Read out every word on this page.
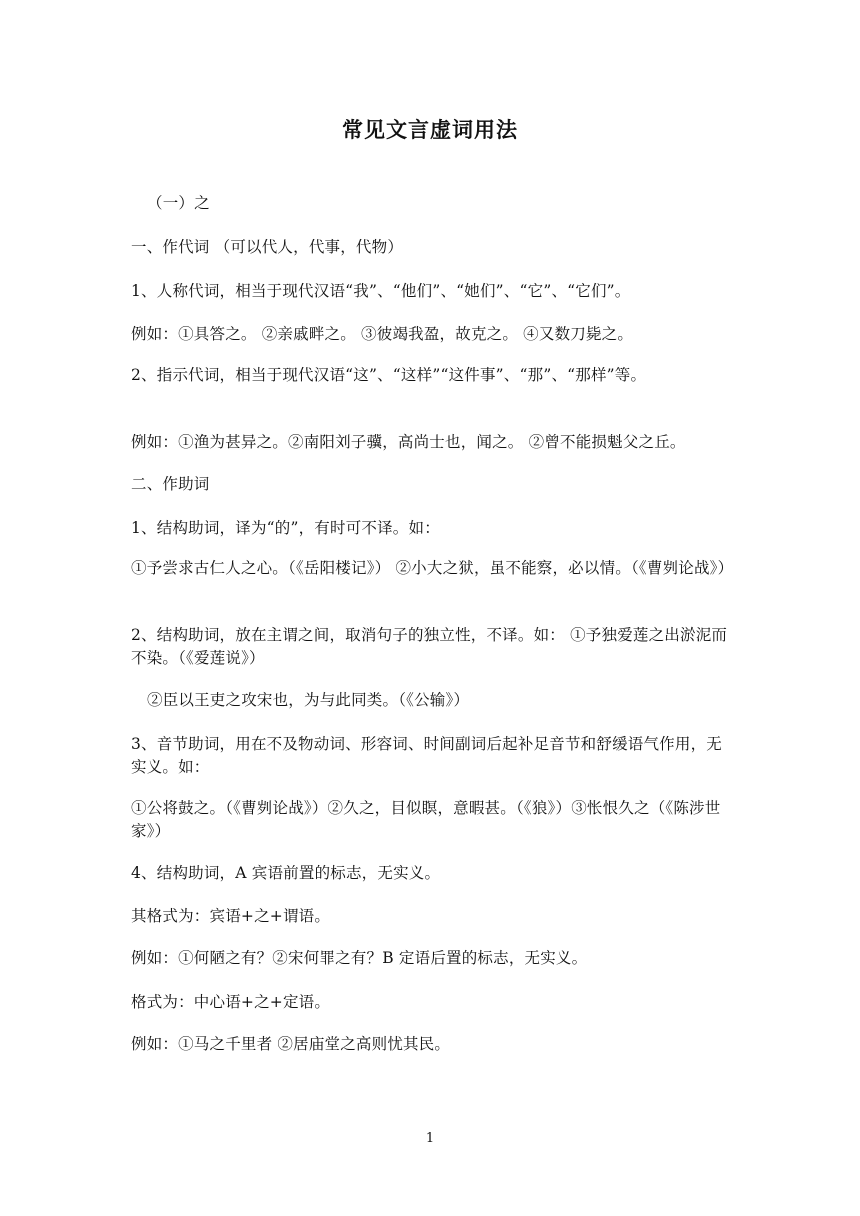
常见文言虚词用法
（一）之
一、作代词 （可以代人，代事，代物）
1、人称代词，相当于现代汉语“我”、“他们”、“她们”、“它”、“它们”。
例如：①具答之。 ②亲戚畔之。 ③彼竭我盈，故克之。 ④又数刀毙之。
2、指示代词，相当于现代汉语“这”、“这样”“这件事”、“那”、“那样”等。
例如：①渔为甚异之。②南阳刘子骥，高尚士也，闻之。 ②曾不能损魁父之丘。
二、作助词
1、结构助词，译为“的”，有时可不译。如：
①予尝求古仁人之心。（《岳阳楼记》） ②小大之狱，虽不能察，必以情。（《曹刿论战》）
2、结构助词，放在主谓之间，取消句子的独立性，不译。如： ①予独爱莲之出淤泥而不染。（《爱莲说》）
②臣以王吏之攻宋也，为与此同类。（《公输》）
3、音节助词，用在不及物动词、形容词、时间副词后起补足音节和舒缓语气作用，无实义。如：
①公将鼓之。（《曹刿论战》）②久之，目似瞑，意暇甚。（《狼》）③怅恨久之（《陈涉世家》）
4、结构助词，A 宾语前置的标志，无实义。
其格式为：宾语+之+谓语。
例如：①何陋之有？②宋何罪之有？B 定语后置的标志，无实义。
格式为：中心语+之+定语。
例如：①马之千里者 ②居庙堂之高则忧其民。
1
